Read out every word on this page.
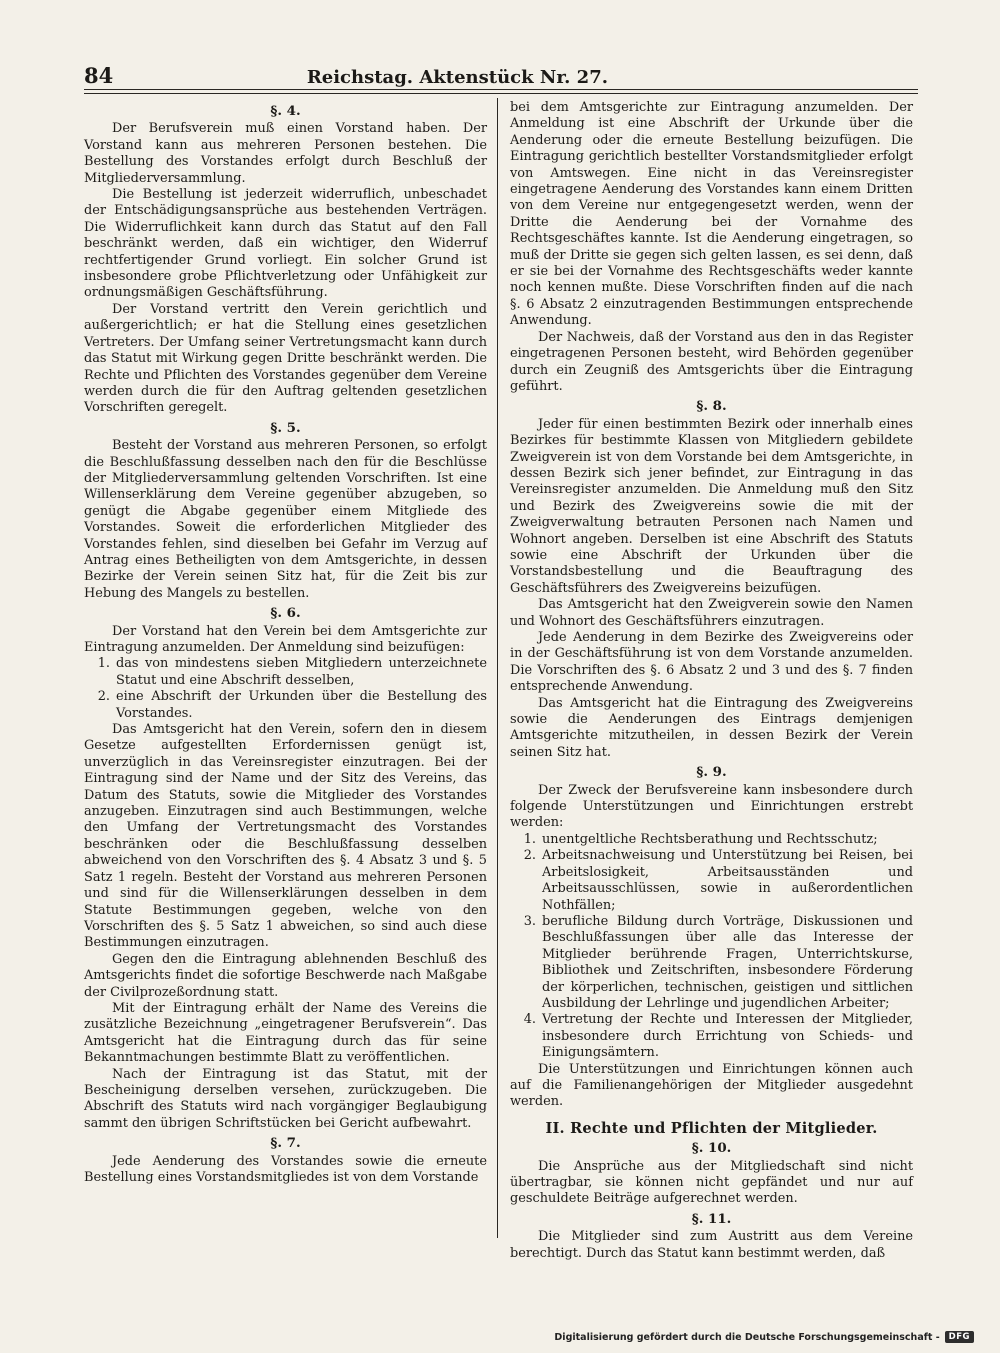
84	Reichstag. Aktenstück Nr. 27.
§. 4.

Der Berufsverein muß einen Vorstand haben. Der Vorstand kann aus mehreren Personen bestehen. Die Bestellung des Vorstandes erfolgt durch Beschluß der Mitgliederversammlung.

Die Bestellung ist jederzeit widerruflich, unbeschadet der Entschädigungsansprüche aus bestehenden Verträgen. Die Widerruflichkeit kann durch das Statut auf den Fall beschränkt werden, daß ein wichtiger, den Widerruf rechtfertigender Grund vorliegt. Ein solcher Grund ist insbesondere grobe Pflichtverletzung oder Unfähigkeit zur ordnungsmäßigen Geschäftsführung.

Der Vorstand vertritt den Verein gerichtlich und außergerichtlich; er hat die Stellung eines gesetzlichen Vertreters. Der Umfang seiner Vertretungsmacht kann durch das Statut mit Wirkung gegen Dritte beschränkt werden. Die Rechte und Pflichten des Vorstandes gegenüber dem Vereine werden durch die für den Auftrag geltenden gesetzlichen Vorschriften geregelt.

§. 5.

Besteht der Vorstand aus mehreren Personen, so erfolgt die Beschlußfassung desselben nach den für die Beschlüsse der Mitgliederversammlung geltenden Vorschriften. Ist eine Willenserklärung dem Vereine gegenüber abzugeben, so genügt die Abgabe gegenüber einem Mitgliede des Vorstandes. Soweit die erforderlichen Mitglieder des Vorstandes fehlen, sind dieselben bei Gefahr im Verzug auf Antrag eines Betheiligten von dem Amtsgerichte, in dessen Bezirke der Verein seinen Sitz hat, für die Zeit bis zur Hebung des Mangels zu bestellen.

§. 6.

Der Vorstand hat den Verein bei dem Amtsgerichte zur Eintragung anzumelden. Der Anmeldung sind beizufügen:

1. das von mindestens sieben Mitgliedern unterzeichnete Statut und eine Abschrift desselben,
2. eine Abschrift der Urkunden über die Bestellung des Vorstandes.

Das Amtsgericht hat den Verein, sofern den in diesem Gesetze aufgestellten Erfordernissen genügt ist, unverzüglich in das Vereinsregister einzutragen. Bei der Eintragung sind der Name und der Sitz des Vereins, das Datum des Statuts, sowie die Mitglieder des Vorstandes anzugeben. Einzutragen sind auch Bestimmungen, welche den Umfang der Vertretungsmacht des Vorstandes beschränken oder die Beschlußfassung desselben abweichend von den Vorschriften des §. 4 Absatz 3 und §. 5 Satz 1 regeln. Besteht der Vorstand aus mehreren Personen und sind für die Willenserklärungen desselben in dem Statute Bestimmungen gegeben, welche von den Vorschriften des §. 5 Satz 1 abweichen, so sind auch diese Bestimmungen einzutragen.

Gegen den die Eintragung ablehnenden Beschluß des Amtsgerichts findet die sofortige Beschwerde nach Maßgabe der Civilprozeßordnung statt.

Mit der Eintragung erhält der Name des Vereins die zusätzliche Bezeichnung „eingetragener Berufsverein“. Das Amtsgericht hat die Eintragung durch das für seine Bekanntmachungen bestimmte Blatt zu veröffentlichen.

Nach der Eintragung ist das Statut, mit der Bescheinigung derselben versehen, zurückzugeben. Die Abschrift des Statuts wird nach vorgängiger Beglaubigung sammt den übrigen Schriftstücken bei Gericht aufbewahrt.

§. 7.

Jede Aenderung des Vorstandes sowie die erneute Bestellung eines Vorstandsmitgliedes ist von dem Vorstande

bei dem Amtsgerichte zur Eintragung anzumelden. Der Anmeldung ist eine Abschrift der Urkunde über die Aenderung oder die erneute Bestellung beizufügen. Die Eintragung gerichtlich bestellter Vorstandsmitglieder erfolgt von Amtswegen. Eine nicht in das Vereinsregister eingetragene Aenderung des Vorstandes kann einem Dritten von dem Vereine nur entgegengesetzt werden, wenn der Dritte die Aenderung bei der Vornahme des Rechtsgeschäftes kannte. Ist die Aenderung eingetragen, so muß der Dritte sie gegen sich gelten lassen, es sei denn, daß er sie bei der Vornahme des Rechtsgeschäfts weder kannte noch kennen mußte. Diese Vorschriften finden auf die nach §. 6 Absatz 2 einzutragenden Bestimmungen entsprechende Anwendung.

Der Nachweis, daß der Vorstand aus den in das Register eingetragenen Personen besteht, wird Behörden gegenüber durch ein Zeugniß des Amtsgerichts über die Eintragung geführt.

§. 8.

Jeder für einen bestimmten Bezirk oder innerhalb eines Bezirkes für bestimmte Klassen von Mitgliedern gebildete Zweigverein ist von dem Vorstande bei dem Amtsgerichte, in dessen Bezirk sich jener befindet, zur Eintragung in das Vereinsregister anzumelden. Die Anmeldung muß den Sitz und Bezirk des Zweigvereins sowie die mit der Zweigverwaltung betrauten Personen nach Namen und Wohnort angeben. Derselben ist eine Abschrift des Statuts sowie eine Abschrift der Urkunden über die Vorstandsbestellung und die Beauftragung des Geschäftsführers des Zweigvereins beizufügen.

Das Amtsgericht hat den Zweigverein sowie den Namen und Wohnort des Geschäftsführers einzutragen.

Jede Aenderung in dem Bezirke des Zweigvereins oder in der Geschäftsführung ist von dem Vorstande anzumelden. Die Vorschriften des §. 6 Absatz 2 und 3 und des §. 7 finden entsprechende Anwendung.

Das Amtsgericht hat die Eintragung des Zweigvereins sowie die Aenderungen des Eintrags demjenigen Amtsgerichte mitzutheilen, in dessen Bezirk der Verein seinen Sitz hat.

§. 9.

Der Zweck der Berufsvereine kann insbesondere durch folgende Unterstützungen und Einrichtungen erstrebt werden:

1. unentgeltliche Rechtsberathung und Rechtsschutz;
2. Arbeitsnachweisung und Unterstützung bei Reisen, bei Arbeitslosigkeit, Arbeitsausständen und Arbeitsausschlüssen, sowie in außerordentlichen Nothfällen;
3. berufliche Bildung durch Vorträge, Diskussionen und Beschlußfassungen über alle das Interesse der Mitglieder berührende Fragen, Unterrichtskurse, Bibliothek und Zeitschriften, insbesondere Förderung der körperlichen, technischen, geistigen und sittlichen Ausbildung der Lehrlinge und jugendlichen Arbeiter;
4. Vertretung der Rechte und Interessen der Mitglieder, insbesondere durch Errichtung von Schieds- und Einigungsämtern.

Die Unterstützungen und Einrichtungen können auch auf die Familienangehörigen der Mitglieder ausgedehnt werden.

II. Rechte und Pflichten der Mitglieder.
§. 10.

Die Ansprüche aus der Mitgliedschaft sind nicht übertragbar, sie können nicht gepfändet und nur auf geschuldete Beiträge aufgerechnet werden.

§. 11.

Die Mitglieder sind zum Austritt aus dem Vereine berechtigt. Durch das Statut kann bestimmt werden, daß

Digitalisierung gefördert durch die Deutsche Forschungsgemeinschaft -	DFG
